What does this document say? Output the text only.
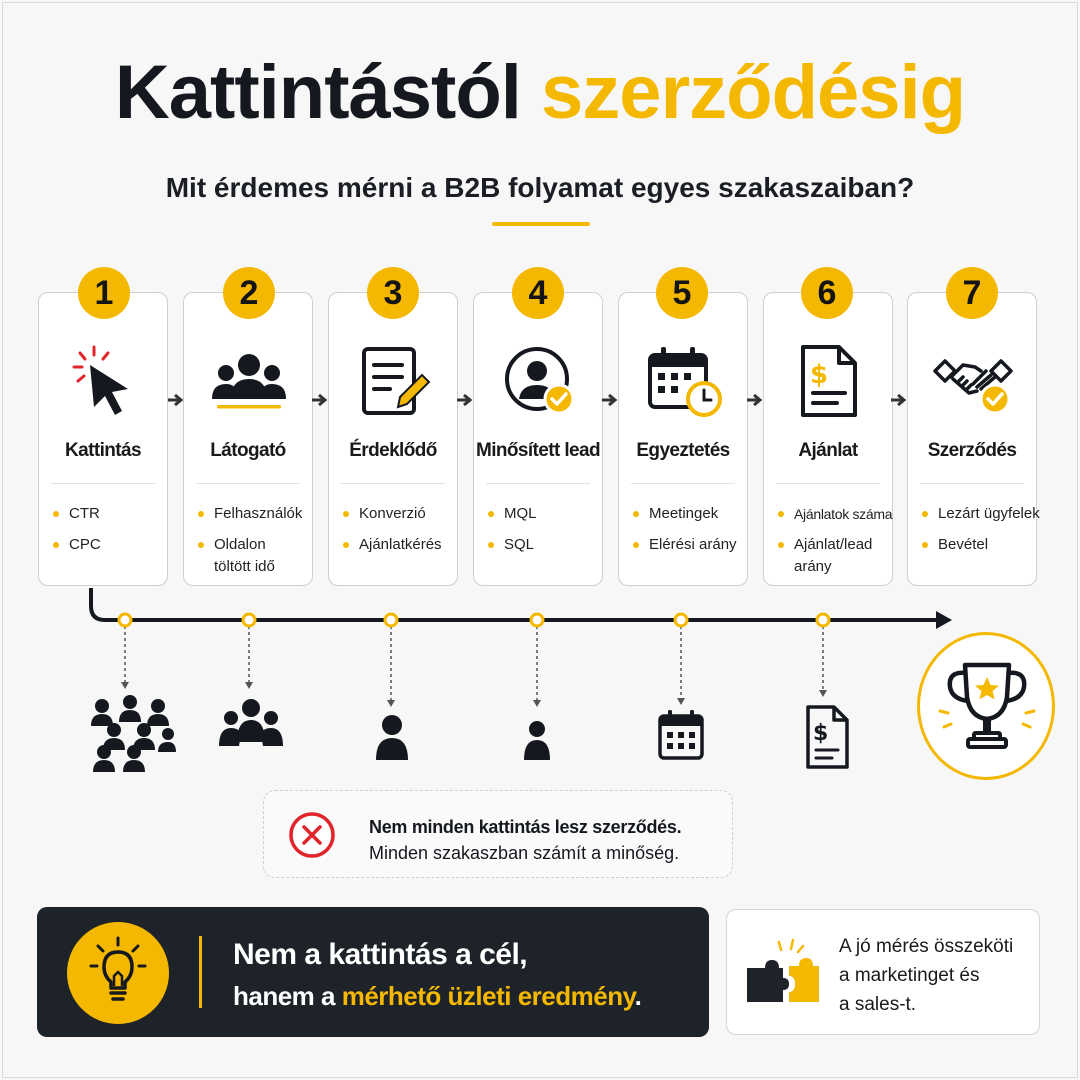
Kattintástól szerződésig
Mit érdemes mérni a B2B folyamat egyes szakaszaiban?
1
Kattintás
CTR
CPC
2
Látogató
Felhasználók
Oldalon töltött idő
3
Érdeklődő
Konverzió
Ajánlatkérés
4
Minősített lead
MQL
SQL
5
Egyeztetés
Meetingek
Elérési arány
6
$
Ajánlat
Ajánlatok száma
Ajánlat/lead arány
7
Szerződés
Lezárt ügyfelek
Bevétel
$
Nem minden kattintás lesz szerződés.
Minden szakaszban számít a minőség.
Nem a kattintás a cél,
hanem a mérhető üzleti eredmény.
A jó mérés összeköti
a marketinget és
a sales-t.
